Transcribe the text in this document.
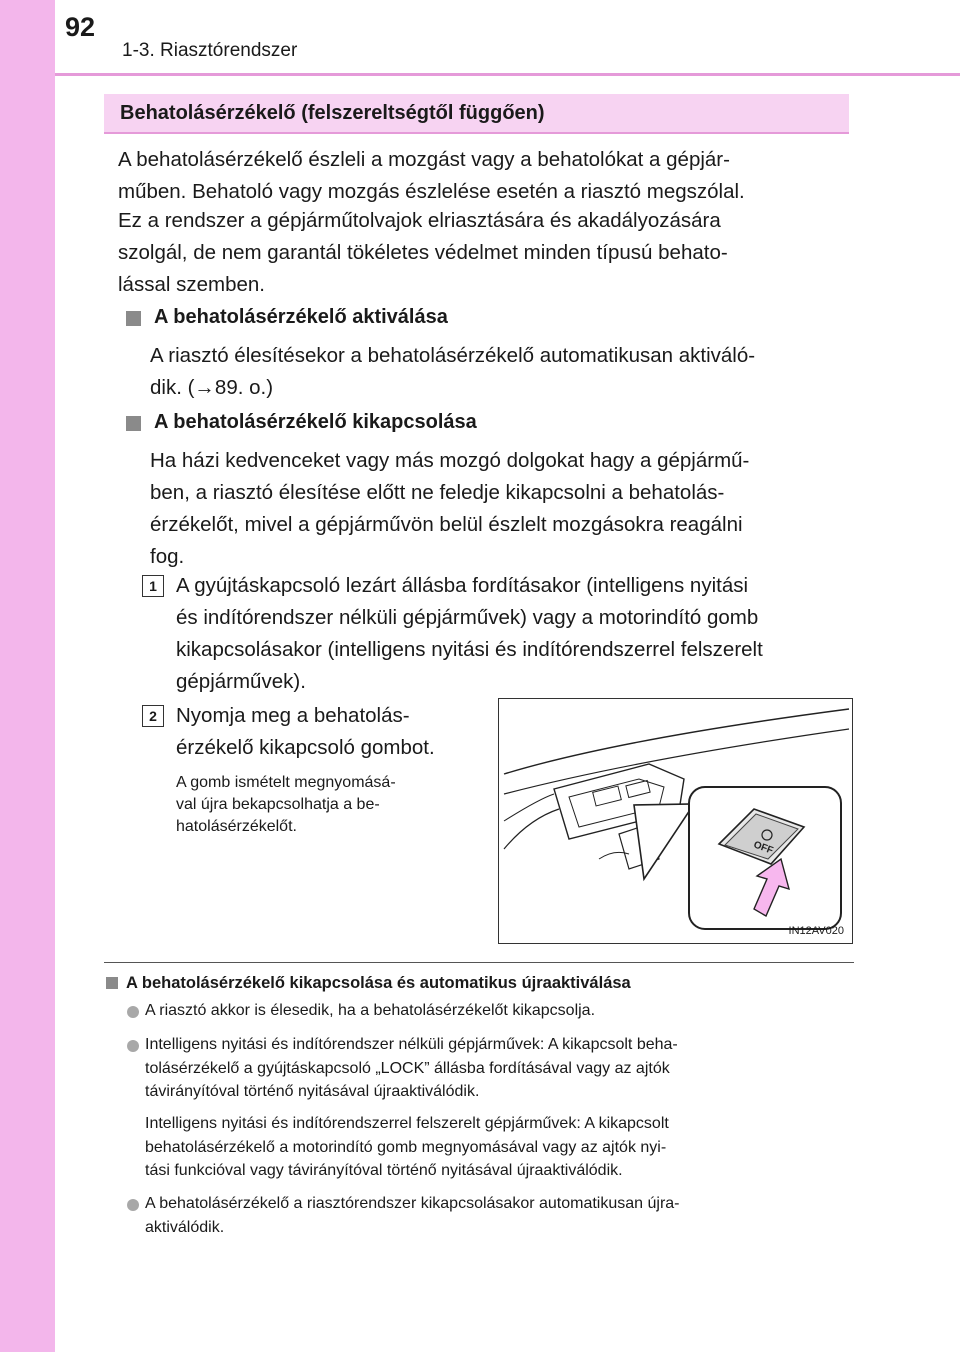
92
1-3. Riasztórendszer
Behatolásérzékelő (felszereltségtől függően)
A behatolásérzékelő észleli a mozgást vagy a behatolókat a gépjár-
műben. Behatoló vagy mozgás észlelése esetén a riasztó megszólal.
Ez a rendszer a gépjárműtolvajok elriasztására és akadályozására
szolgál, de nem garantál tökéletes védelmet minden típusú behato-
lással szemben.
A behatolásérzékelő aktiválása
A riasztó élesítésekor a behatolásérzékelő automatikusan aktiváló-
dik. (→89. o.)
A behatolásérzékelő kikapcsolása
Ha házi kedvenceket vagy más mozgó dolgokat hagy a gépjármű-
ben, a riasztó élesítése előtt ne feledje kikapcsolni a behatolás-
érzékelőt, mivel a gépjárművön belül észlelt mozgásokra reagálni
fog.
1 A gyújtáskapcsoló lezárt állásba fordításakor (intelligens nyitási
és indítórendszer nélküli gépjárművek) vagy a motorindító gomb
kikapcsolásakor (intelligens nyitási és indítórendszerrel felszerelt
gépjárművek).
2 Nyomja meg a behatolás-
érzékelő kikapcsoló gombot.
A gomb ismételt megnyomásá-
val újra bekapcsolhatja a be-
hatolásérzékelőt.
OFF
IN12AV020
A behatolásérzékelő kikapcsolása és automatikus újraaktiválása
A riasztó akkor is élesedik, ha a behatolásérzékelőt kikapcsolja.
Intelligens nyitási és indítórendszer nélküli gépjárművek: A kikapcsolt beha-
tolásérzékelő a gyújtáskapcsoló „LOCK” állásba fordításával vagy az ajtók
távirányítóval történő nyitásával újraaktiválódik.
Intelligens nyitási és indítórendszerrel felszerelt gépjárművek: A kikapcsolt
behatolásérzékelő a motorindító gomb megnyomásával vagy az ajtók nyi-
tási funkcióval vagy távirányítóval történő nyitásával újraaktiválódik.
A behatolásérzékelő a riasztórendszer kikapcsolásakor automatikusan újra-
aktiválódik.
